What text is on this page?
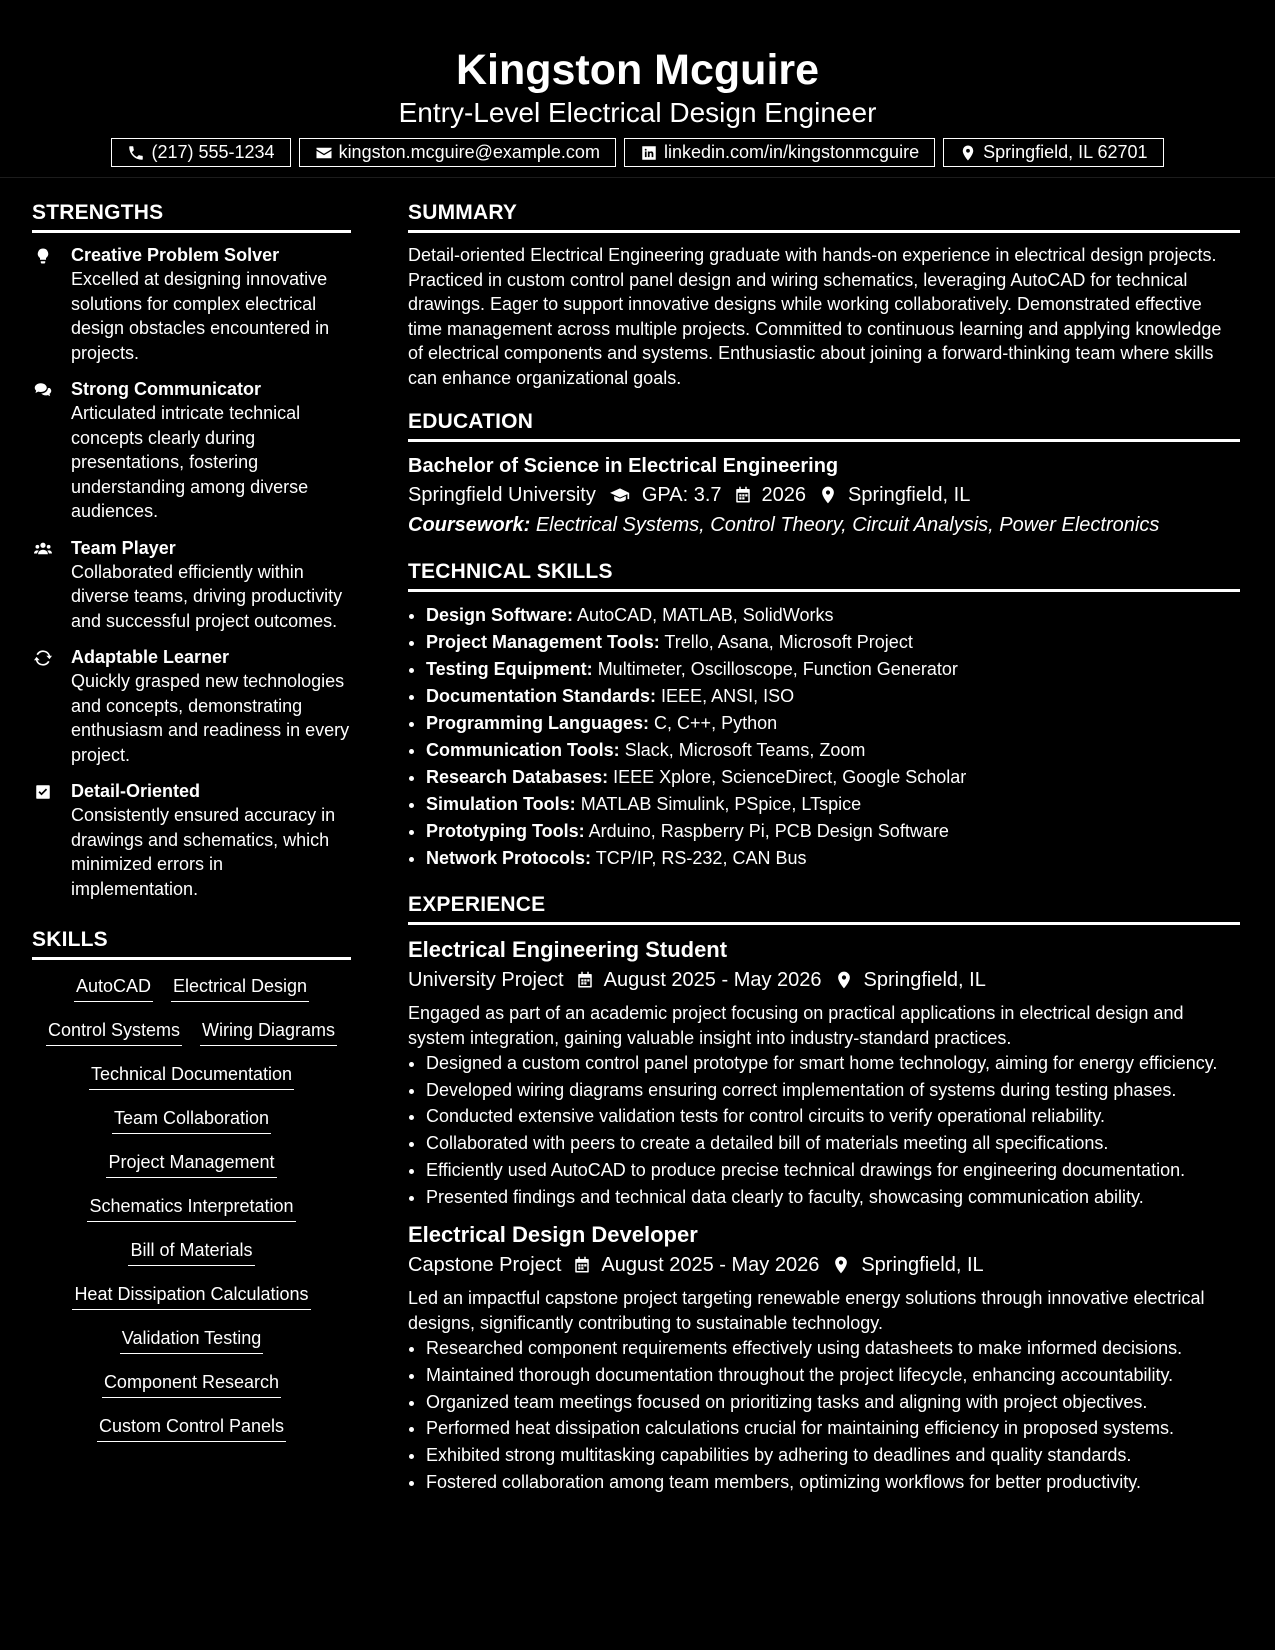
Kingston Mcguire
Entry-Level Electrical Design Engineer
(217) 555-1234	kingston.mcguire@example.com	linkedin.com/in/kingstonmcguire	Springfield, IL 62701
STRENGTHS
Creative Problem Solver
Excelled at designing innovative solutions for complex electrical design obstacles encountered in projects.
Strong Communicator
Articulated intricate technical concepts clearly during presentations, fostering understanding among diverse audiences.
Team Player
Collaborated efficiently within diverse teams, driving productivity and successful project outcomes.
Adaptable Learner
Quickly grasped new technologies and concepts, demonstrating enthusiasm and readiness in every project.
Detail-Oriented
Consistently ensured accuracy in drawings and schematics, which minimized errors in implementation.
SKILLS
AutoCAD Electrical Design
Control Systems Wiring Diagrams
Technical Documentation
Team Collaboration
Project Management
Schematics Interpretation
Bill of Materials
Heat Dissipation Calculations
Validation Testing
Component Research
Custom Control Panels
SUMMARY
Detail-oriented Electrical Engineering graduate with hands-on experience in electrical design projects. Practiced in custom control panel design and wiring schematics, leveraging AutoCAD for technical drawings. Eager to support innovative designs while working collaboratively. Demonstrated effective time management across multiple projects. Committed to continuous learning and applying knowledge of electrical components and systems. Enthusiastic about joining a forward-thinking team where skills can enhance organizational goals.
EDUCATION
Bachelor of Science in Electrical Engineering
Springfield University GPA: 3.7 2026 Springfield, IL
Coursework: Electrical Systems, Control Theory, Circuit Analysis, Power Electronics
TECHNICAL SKILLS
• Design Software: AutoCAD, MATLAB, SolidWorks
• Project Management Tools: Trello, Asana, Microsoft Project
• Testing Equipment: Multimeter, Oscilloscope, Function Generator
• Documentation Standards: IEEE, ANSI, ISO
• Programming Languages: C, C++, Python
• Communication Tools: Slack, Microsoft Teams, Zoom
• Research Databases: IEEE Xplore, ScienceDirect, Google Scholar
• Simulation Tools: MATLAB Simulink, PSpice, LTspice
• Prototyping Tools: Arduino, Raspberry Pi, PCB Design Software
• Network Protocols: TCP/IP, RS-232, CAN Bus
EXPERIENCE
Electrical Engineering Student
University Project August 2025 - May 2026 Springfield, IL
Engaged as part of an academic project focusing on practical applications in electrical design and system integration, gaining valuable insight into industry-standard practices.
• Designed a custom control panel prototype for smart home technology, aiming for energy efficiency.
• Developed wiring diagrams ensuring correct implementation of systems during testing phases.
• Conducted extensive validation tests for control circuits to verify operational reliability.
• Collaborated with peers to create a detailed bill of materials meeting all specifications.
• Efficiently used AutoCAD to produce precise technical drawings for engineering documentation.
• Presented findings and technical data clearly to faculty, showcasing communication ability.
Electrical Design Developer
Capstone Project August 2025 - May 2026 Springfield, IL
Led an impactful capstone project targeting renewable energy solutions through innovative electrical designs, significantly contributing to sustainable technology.
• Researched component requirements effectively using datasheets to make informed decisions.
• Maintained thorough documentation throughout the project lifecycle, enhancing accountability.
• Organized team meetings focused on prioritizing tasks and aligning with project objectives.
• Performed heat dissipation calculations crucial for maintaining efficiency in proposed systems.
• Exhibited strong multitasking capabilities by adhering to deadlines and quality standards.
• Fostered collaboration among team members, optimizing workflows for better productivity.
